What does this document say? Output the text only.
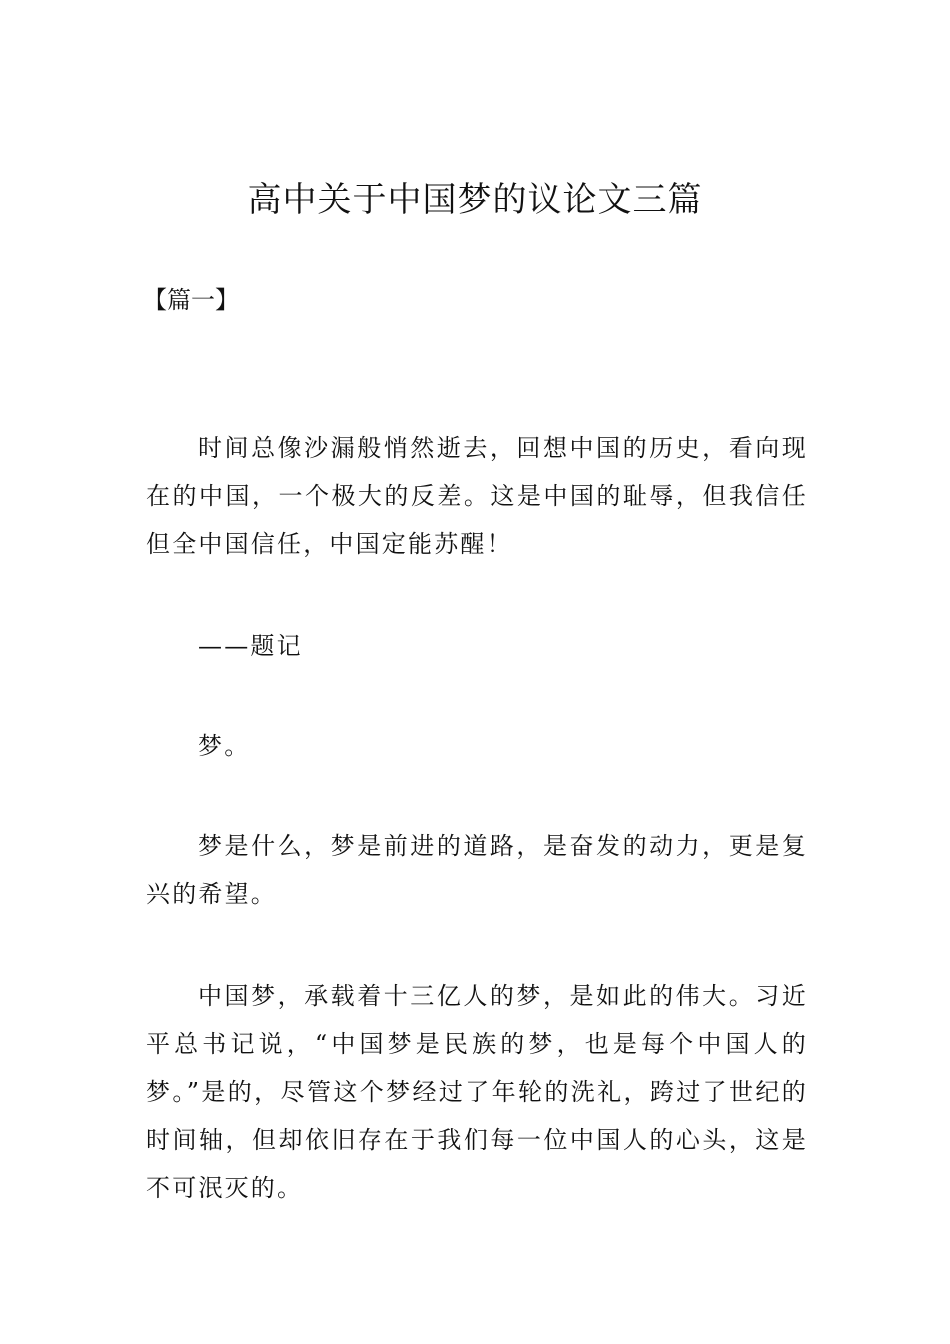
高中关于中国梦的议论文三篇

【篇一】

时间总像沙漏般悄然逝去，回想中国的历史，看向现在的中国，一个极大的反差。这是中国的耻辱，但我信任但全中国信任，中国定能苏醒！

——题记

梦。

梦是什么，梦是前进的道路，是奋发的动力，更是复兴的希望。

中国梦，承载着十三亿人的梦，是如此的伟大。习近平总书记说，“中国梦是民族的梦，也是每个中国人的梦。”是的，尽管这个梦经过了年轮的洗礼，跨过了世纪的时间轴，但却依旧存在于我们每一位中国人的心头，这是不可泯灭的。
